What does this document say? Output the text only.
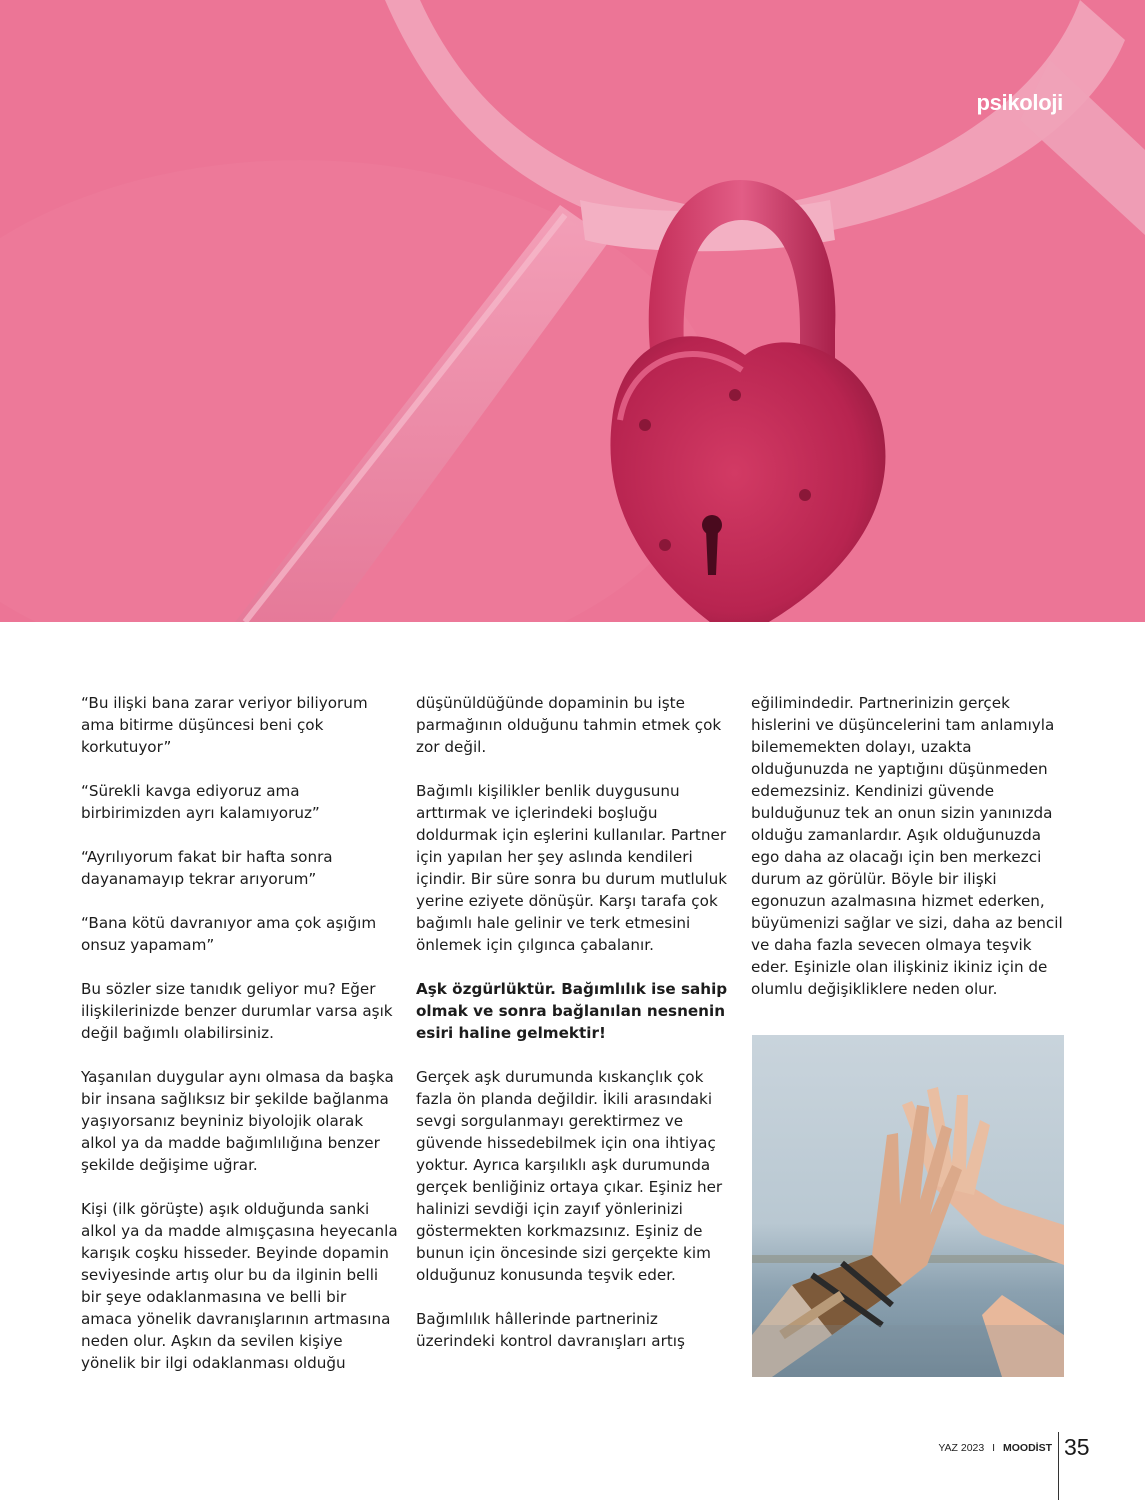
psikoloji

“Bu ilişki bana zarar veriyor biliyorum ama bitirme düşüncesi beni çok korkutuyor”

“Sürekli kavga ediyoruz ama birbirimizden ayrı kalamıyoruz”

“Ayrılıyorum fakat bir hafta sonra dayanamayıp tekrar arıyorum”

“Bana kötü davranıyor ama çok aşığım onsuz yapamam”

Bu sözler size tanıdık geliyor mu? Eğer ilişkilerinizde benzer durumlar varsa aşık değil bağımlı olabilirsiniz.

Yaşanılan duygular aynı olmasa da başka bir insana sağlıksız bir şekilde bağlanma yaşıyorsanız beyniniz biyolojik olarak alkol ya da madde bağımlılığına benzer şekilde değişime uğrar.

Kişi (ilk görüşte) aşık olduğunda sanki alkol ya da madde almışçasına heyecanla karışık coşku hisseder. Beyinde dopamin seviyesinde artış olur bu da ilginin belli bir şeye odaklanmasına ve belli bir amaca yönelik davranışlarının artmasına neden olur. Aşkın da sevilen kişiye yönelik bir ilgi odaklanması olduğu

düşünüldüğünde dopaminin bu işte parmağının olduğunu tahmin etmek çok zor değil.

Bağımlı kişilikler benlik duygusunu arttırmak ve içlerindeki boşluğu doldurmak için eşlerini kullanılar. Partner için yapılan her şey aslında kendileri içindir. Bir süre sonra bu durum mutluluk yerine eziyete dönüşür. Karşı tarafa çok bağımlı hale gelinir ve terk etmesini önlemek için çılgınca çabalanır.

Aşk özgürlüktür. Bağımlılık ise sahip olmak ve sonra bağlanılan nesnenin esiri haline gelmektir!

Gerçek aşk durumunda kıskançlık çok fazla ön planda değildir. İkili arasındaki sevgi sorgulanmayı gerektirmez ve güvende hissedebilmek için ona ihtiyaç yoktur. Ayrıca karşılıklı aşk durumunda gerçek benliğiniz ortaya çıkar. Eşiniz her halinizi sevdiği için zayıf yönlerinizi göstermekten korkmazsınız. Eşiniz de bunun için öncesinde sizi gerçekte kim olduğunuz konusunda teşvik eder.

Bağımlılık hâllerinde partneriniz üzerindeki kontrol davranışları artış

eğilimindedir. Partnerinizin gerçek hislerini ve düşüncelerini tam anlamıyla bilememekten dolayı, uzakta olduğunuzda ne yaptığını düşünmeden edemezsiniz. Kendinizi güvende bulduğunuz tek an onun sizin yanınızda olduğu zamanlardır. Aşık olduğunuzda ego daha az olacağı için ben merkezci durum az görülür. Böyle bir ilişki egonuzun azalmasına hizmet ederken, büyümenizi sağlar ve sizi, daha az bencil ve daha fazla sevecen olmaya teşvik eder. Eşinizle olan ilişkiniz ikiniz için de olumlu değişikliklere neden olur.

YAZ 2023 I MOODİST 35
